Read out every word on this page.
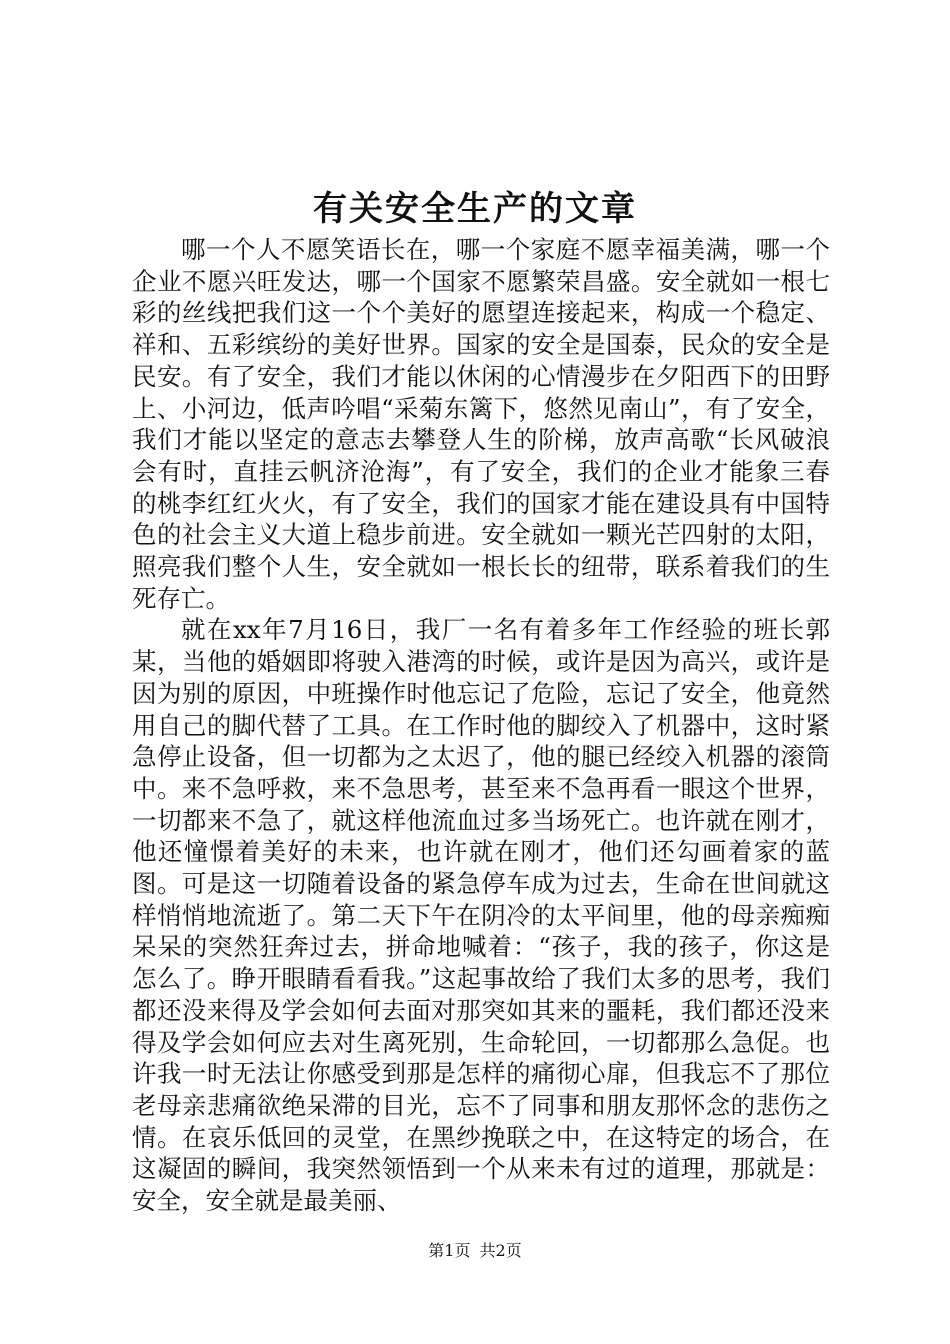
有关安全生产的文章

哪一个人不愿笑语长在，哪一个家庭不愿幸福美满，哪一个企业不愿兴旺发达，哪一个国家不愿繁荣昌盛。安全就如一根七彩的丝线把我们这一个个美好的愿望连接起来，构成一个稳定、祥和、五彩缤纷的美好世界。国家的安全是国泰，民众的安全是民安。有了安全，我们才能以休闲的心情漫步在夕阳西下的田野上、小河边，低声吟唱“采菊东篱下，悠然见南山”，有了安全，我们才能以坚定的意志去攀登人生的阶梯，放声高歌“长风破浪会有时，直挂云帆济沧海”，有了安全，我们的企业才能象三春的桃李红红火火，有了安全，我们的国家才能在建设具有中国特色的社会主义大道上稳步前进。安全就如一颗光芒四射的太阳，照亮我们整个人生，安全就如一根长长的纽带，联系着我们的生死存亡。

就在xx年7月16日，我厂一名有着多年工作经验的班长郭某，当他的婚姻即将驶入港湾的时候，或许是因为高兴，或许是因为别的原因，中班操作时他忘记了危险，忘记了安全，他竟然用自己的脚代替了工具。在工作时他的脚绞入了机器中，这时紧急停止设备，但一切都为之太迟了，他的腿已经绞入机器的滚筒中。来不急呼救，来不急思考，甚至来不急再看一眼这个世界，一切都来不急了，就这样他流血过多当场死亡。也许就在刚才，他还憧憬着美好的未来，也许就在刚才，他们还勾画着家的蓝图。可是这一切随着设备的紧急停车成为过去，生命在世间就这样悄悄地流逝了。第二天下午在阴冷的太平间里，他的母亲痴痴呆呆的突然狂奔过去，拼命地喊着：“孩子，我的孩子，你这是怎么了。睁开眼睛看看我。”这起事故给了我们太多的思考，我们都还没来得及学会如何去面对那突如其来的噩耗，我们都还没来得及学会如何应去对生离死别，生命轮回，一切都那么急促。也许我一时无法让你感受到那是怎样的痛彻心扉，但我忘不了那位老母亲悲痛欲绝呆滞的目光，忘不了同事和朋友那怀念的悲伤之情。在哀乐低回的灵堂，在黑纱挽联之中，在这特定的场合，在这凝固的瞬间，我突然领悟到一个从来未有过的道理，那就是：安全，安全就是最美丽、

第1页 共2页
